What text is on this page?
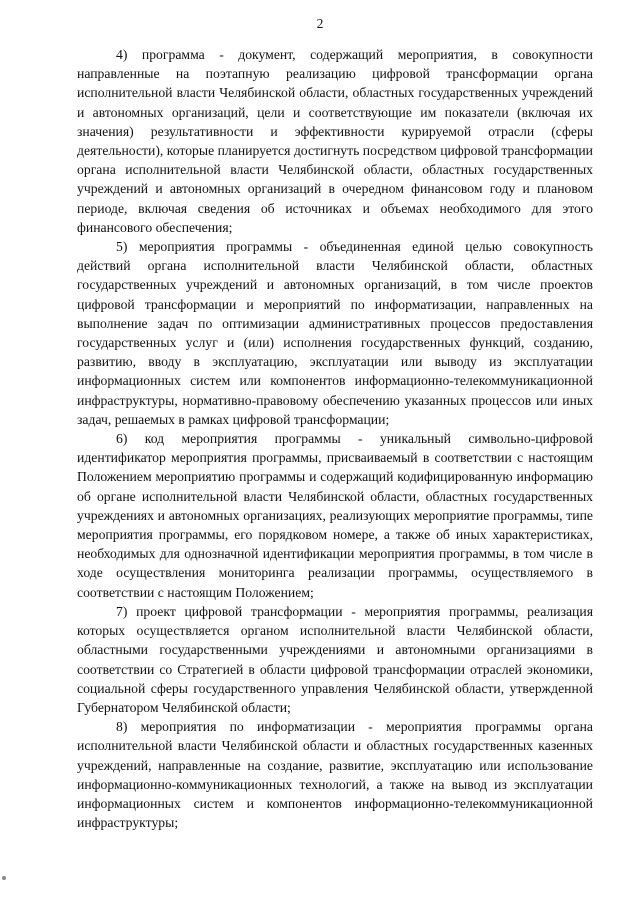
2

4) программа - документ, содержащий мероприятия, в совокупности направленные на поэтапную реализацию цифровой трансформации органа исполнительной власти Челябинской области, областных государственных учреждений и автономных организаций, цели и соответствующие им показатели (включая их значения) результативности и эффективности курируемой отрасли (сферы деятельности), которые планируется достигнуть посредством цифровой трансформации органа исполнительной власти Челябинской области, областных государственных учреждений и автономных организаций в очередном финансовом году и плановом периоде, включая сведения об источниках и объемах необходимого для этого финансового обеспечения;

5) мероприятия программы - объединенная единой целью совокупность действий органа исполнительной власти Челябинской области, областных государственных учреждений и автономных организаций, в том числе проектов цифровой трансформации и мероприятий по информатизации, направленных на выполнение задач по оптимизации административных процессов предоставления государственных услуг и (или) исполнения государственных функций, созданию, развитию, вводу в эксплуатацию, эксплуатации или выводу из эксплуатации информационных систем или компонентов информационно-телекоммуникационной инфраструктуры, нормативно-правовому обеспечению указанных процессов или иных задач, решаемых в рамках цифровой трансформации;

6) код мероприятия программы - уникальный символьно-цифровой идентификатор мероприятия программы, присваиваемый в соответствии с настоящим Положением мероприятию программы и содержащий кодифицированную информацию об органе исполнительной власти Челябинской области, областных государственных учреждениях и автономных организациях, реализующих мероприятие программы, типе мероприятия программы, его порядковом номере, а также об иных характеристиках, необходимых для однозначной идентификации мероприятия программы, в том числе в ходе осуществления мониторинга реализации программы, осуществляемого в соответствии с настоящим Положением;

7) проект цифровой трансформации - мероприятия программы, реализация которых осуществляется органом исполнительной власти Челябинской области, областными государственными учреждениями и автономными организациями в соответствии со Стратегией в области цифровой трансформации отраслей экономики, социальной сферы государственного управления Челябинской области, утвержденной Губернатором Челябинской области;

8) мероприятия по информатизации - мероприятия программы органа исполнительной власти Челябинской области и областных государственных казенных учреждений, направленные на создание, развитие, эксплуатацию или использование информационно-коммуникационных технологий, а также на вывод из эксплуатации информационных систем и компонентов информационно-телекоммуникационной инфраструктуры;
